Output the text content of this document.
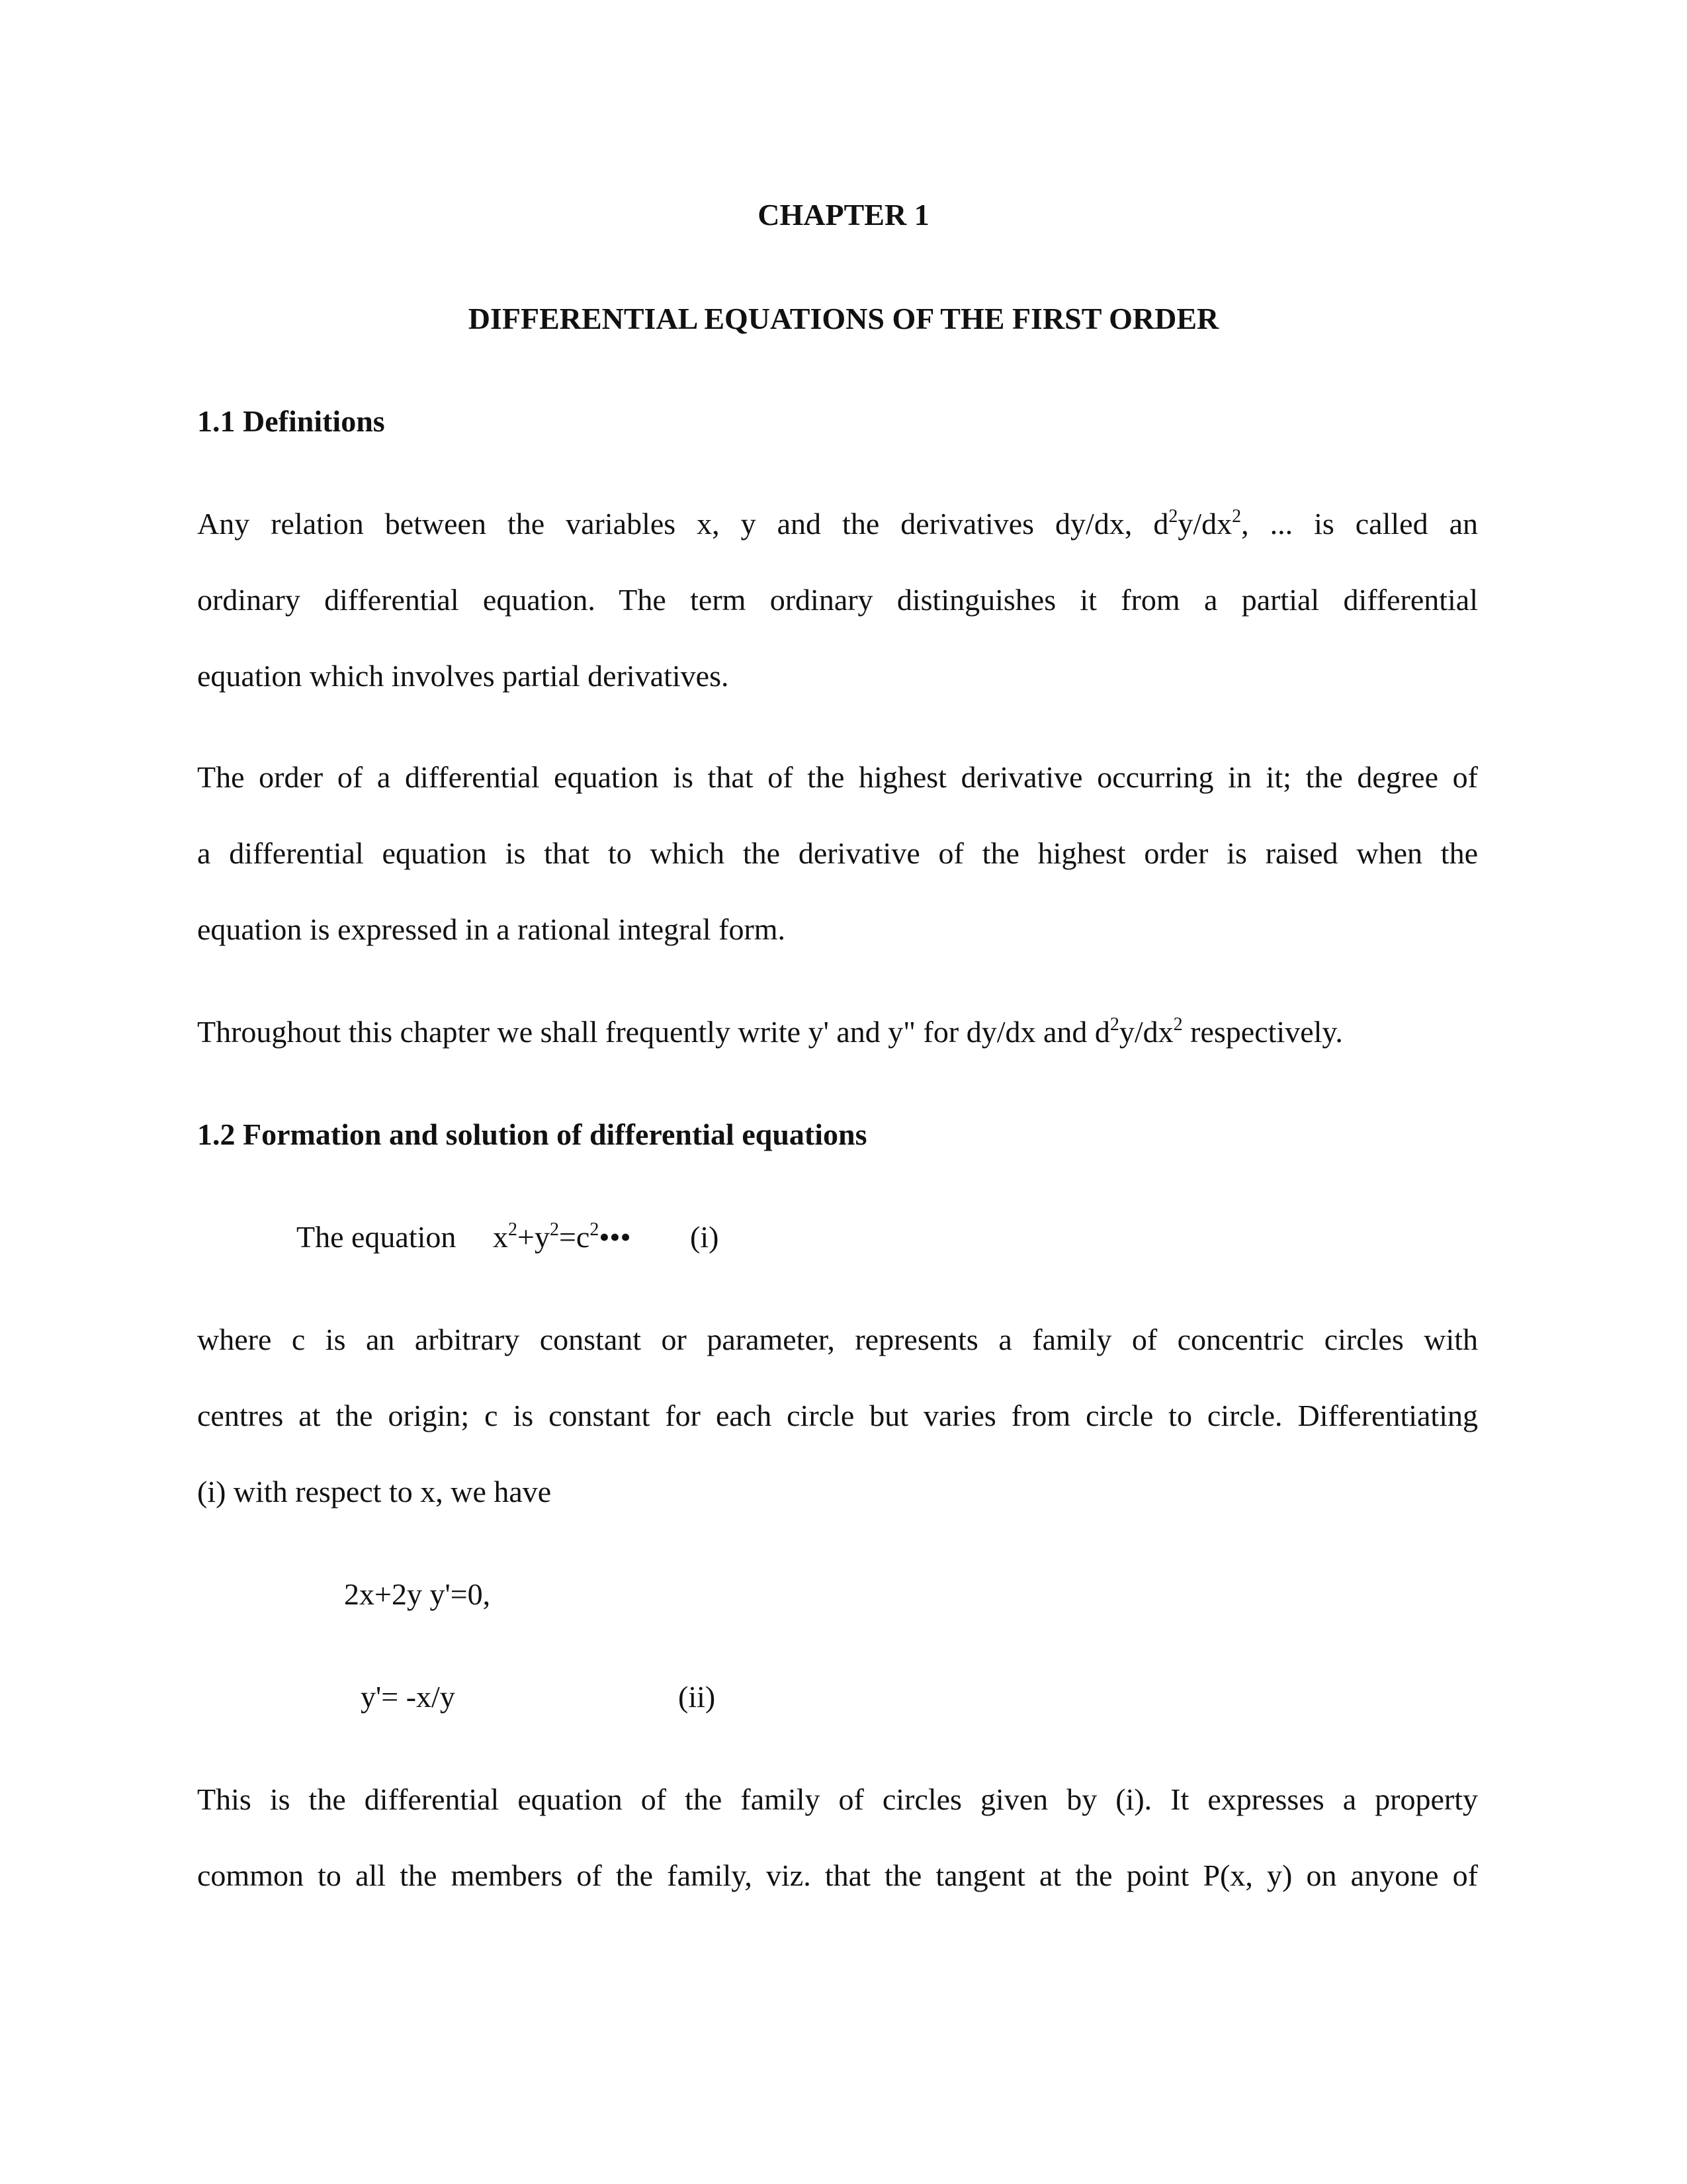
CHAPTER 1
DIFFERENTIAL EQUATIONS OF THE FIRST ORDER
1.1 Definitions
Any relation between the variables x, y and the derivatives dy/dx, $d^2y/dx^2$, ... is called an
ordinary differential equation. The term ordinary distinguishes it from a partial differential
equation which involves partial derivatives.
The order of a differential equation is that of the highest derivative occurring in it; the degree of
a differential equation is that to which the derivative of the highest order is raised when the
equation is expressed in a rational integral form.
Throughout this chapter we shall frequently write y' and y" for dy/dx and $d^2y/dx^2$ respectively.
1.2 Formation and solution of differential equations
The equation $x^2+y^2=c^2•••$ (i)
where c is an arbitrary constant or parameter, represents a family of concentric circles with
centres at the origin; c is constant for each circle but varies from circle to circle. Differentiating
(i) with respect to x, we have
2x+2y y'=0,
y'= -x/y	(ii)
This is the differential equation of the family of circles given by (i). It expresses a property
common to all the members of the family, viz. that the tangent at the point P(x, y) on anyone of
